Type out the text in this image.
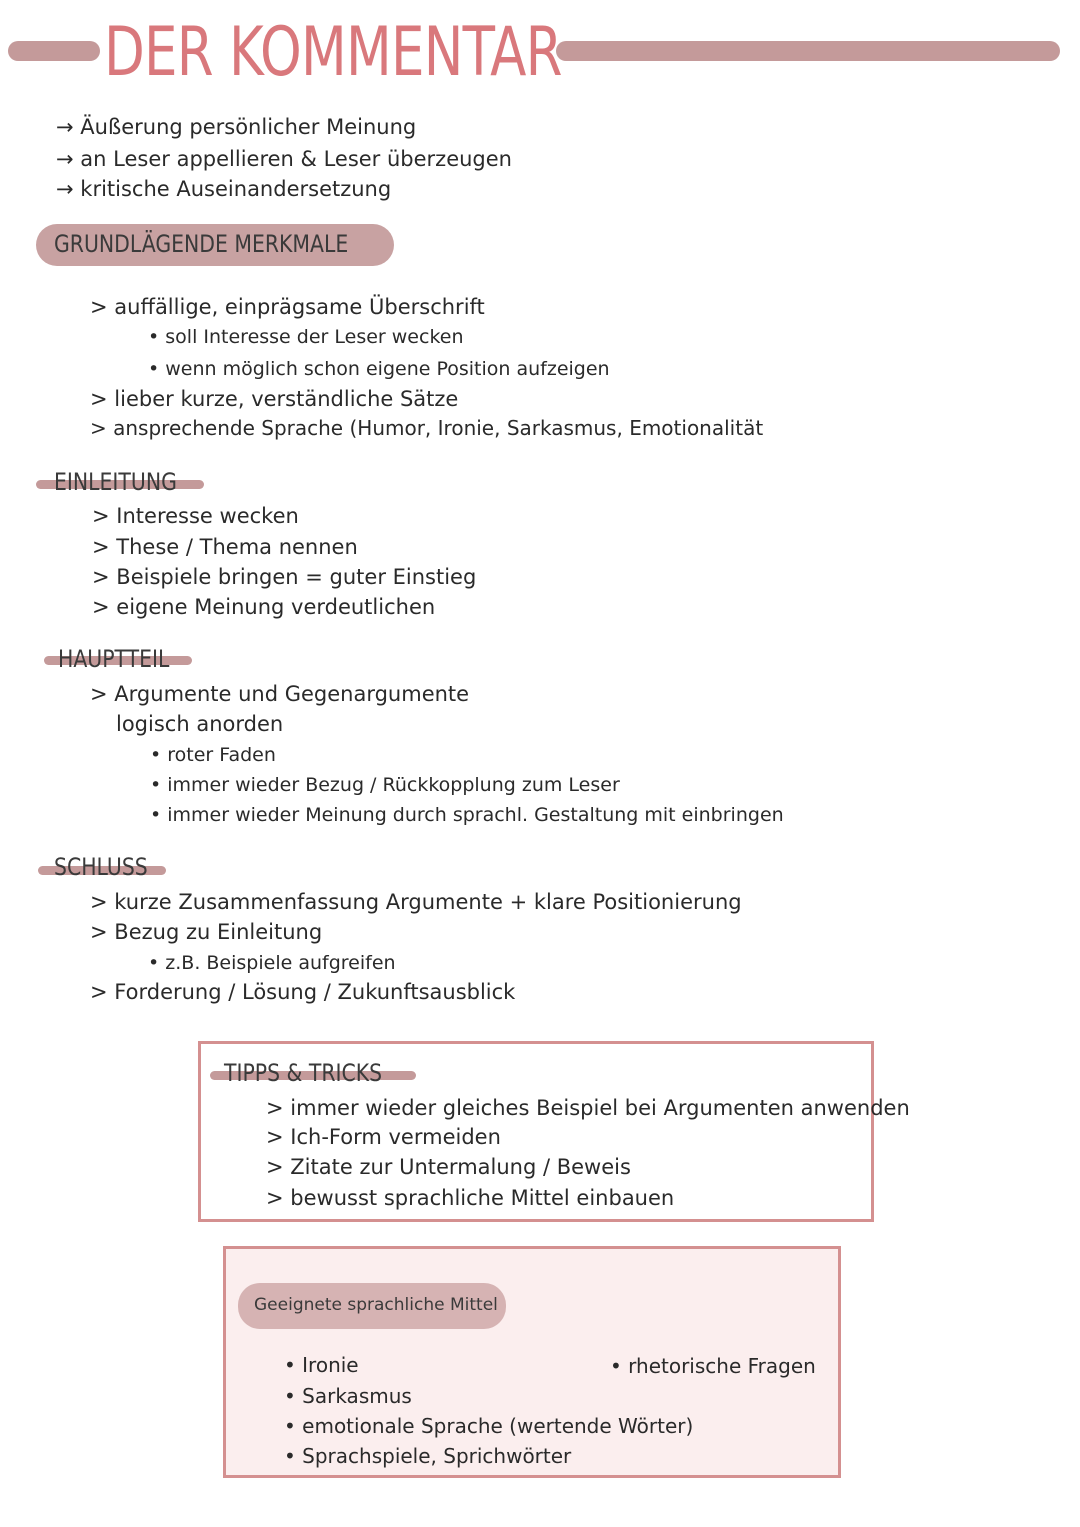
DER KOMMENTAR
→ Äußerung persönlicher Meinung
→ an Leser appellieren & Leser überzeugen
→ kritische Auseinandersetzung
GRUNDLÄGENDE MERKMALE
> auffällige, einprägsame Überschrift
• soll Interesse der Leser wecken
• wenn möglich schon eigene Position aufzeigen
> lieber kurze, verständliche Sätze
> ansprechende Sprache (Humor, Ironie, Sarkasmus, Emotionalität
EINLEITUNG
> Interesse wecken
> These / Thema nennen
> Beispiele bringen = guter Einstieg
> eigene Meinung verdeutlichen
HAUPTTEIL
> Argumente und Gegenargumente
logisch anorden
• roter Faden
• immer wieder Bezug / Rückkopplung zum Leser
• immer wieder Meinung durch sprachl. Gestaltung mit einbringen
SCHLUSS
> kurze Zusammenfassung Argumente + klare Positionierung
> Bezug zu Einleitung
• z.B. Beispiele aufgreifen
> Forderung / Lösung / Zukunftsausblick
TIPPS & TRICKS
> immer wieder gleiches Beispiel bei Argumenten anwenden
> Ich-Form vermeiden
> Zitate zur Untermalung / Beweis
> bewusst sprachliche Mittel einbauen
Geeignete sprachliche Mittel
• Ironie
• Sarkasmus
• emotionale Sprache (wertende Wörter)
• Sprachspiele, Sprichwörter
• rhetorische Fragen
